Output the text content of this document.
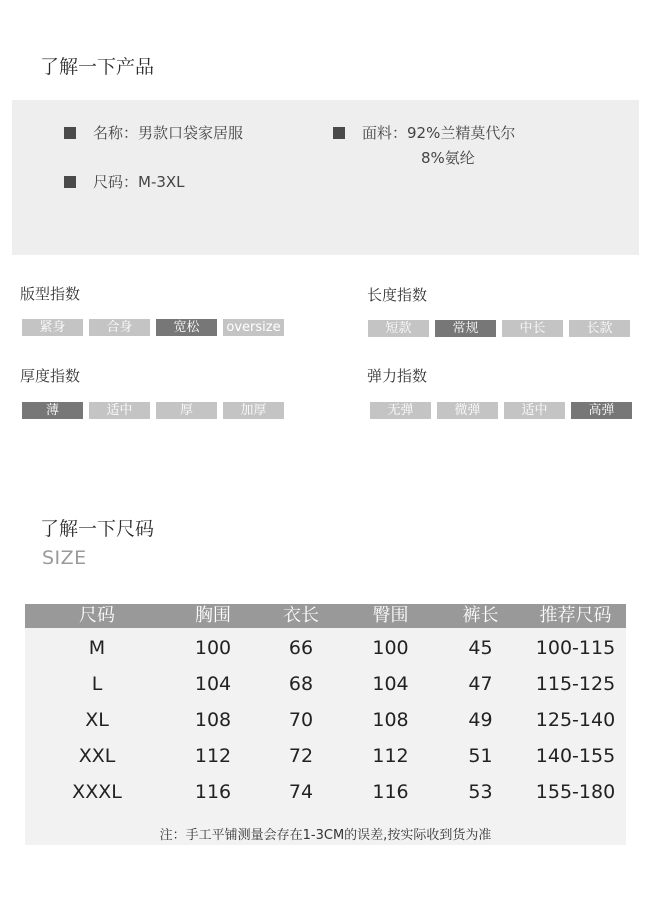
了解一下产品
名称：男款口袋家居服	面料：92%兰精莫代尔
8%氨纶
尺码：M-3XL
版型指数
紧身	合身	宽松	oversize
长度指数
短款	常规	中长	长款
厚度指数
薄	适中	厚	加厚
弹力指数
无弹	微弹	适中	高弹
了解一下尺码
SIZE
尺码	胸围	衣长	臀围	裤长	推荐尺码
M	100	66	100	45	100-115
L	104	68	104	47	115-125
XL	108	70	108	49	125-140
XXL	112	72	112	51	140-155
XXXL	116	74	116	53	155-180
注：手工平铺测量会存在1-3CM的误差,按实际收到货为准
